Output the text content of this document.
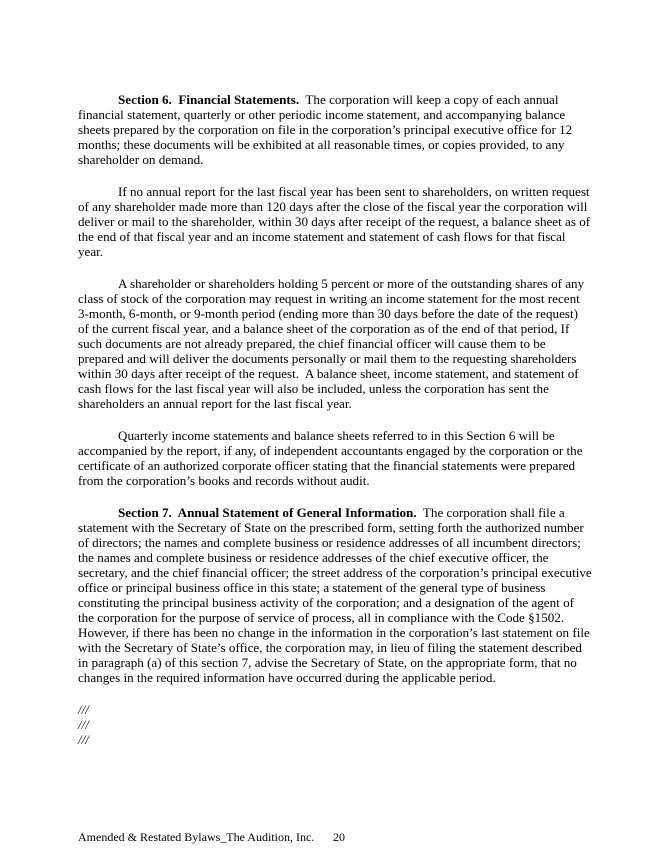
Section 6.  Financial Statements.  The corporation will keep a copy of each annual financial statement, quarterly or other periodic income statement, and accompanying balance sheets prepared by the corporation on file in the corporation’s principal executive office for 12 months; these documents will be exhibited at all reasonable times, or copies provided, to any shareholder on demand.

If no annual report for the last fiscal year has been sent to shareholders, on written request of any shareholder made more than 120 days after the close of the fiscal year the corporation will deliver or mail to the shareholder, within 30 days after receipt of the request, a balance sheet as of the end of that fiscal year and an income statement and statement of cash flows for that fiscal year.

A shareholder or shareholders holding 5 percent or more of the outstanding shares of any class of stock of the corporation may request in writing an income statement for the most recent 3-month, 6-month, or 9-month period (ending more than 30 days before the date of the request) of the current fiscal year, and a balance sheet of the corporation as of the end of that period, If such documents are not already prepared, the chief financial officer will cause them to be prepared and will deliver the documents personally or mail them to the requesting shareholders within 30 days after receipt of the request.  A balance sheet, income statement, and statement of cash flows for the last fiscal year will also be included, unless the corporation has sent the shareholders an annual report for the last fiscal year.

Quarterly income statements and balance sheets referred to in this Section 6 will be accompanied by the report, if any, of independent accountants engaged by the corporation or the certificate of an authorized corporate officer stating that the financial statements were prepared from the corporation’s books and records without audit.

Section 7.  Annual Statement of General Information.  The corporation shall file a statement with the Secretary of State on the prescribed form, setting forth the authorized number of directors; the names and complete business or residence addresses of all incumbent directors; the names and complete business or residence addresses of the chief executive officer, the secretary, and the chief financial officer; the street address of the corporation’s principal executive office or principal business office in this state; a statement of the general type of business constituting the principal business activity of the corporation; and a designation of the agent of the corporation for the purpose of service of process, all in compliance with the Code §1502.  However, if there has been no change in the information in the corporation’s last statement on file with the Secretary of State’s office, the corporation may, in lieu of filing the statement described in paragraph (a) of this section 7, advise the Secretary of State, on the appropriate form, that no changes in the required information have occurred during the applicable period.

///
///
///
Amended & Restated Bylaws_The Audition, Inc. 20
